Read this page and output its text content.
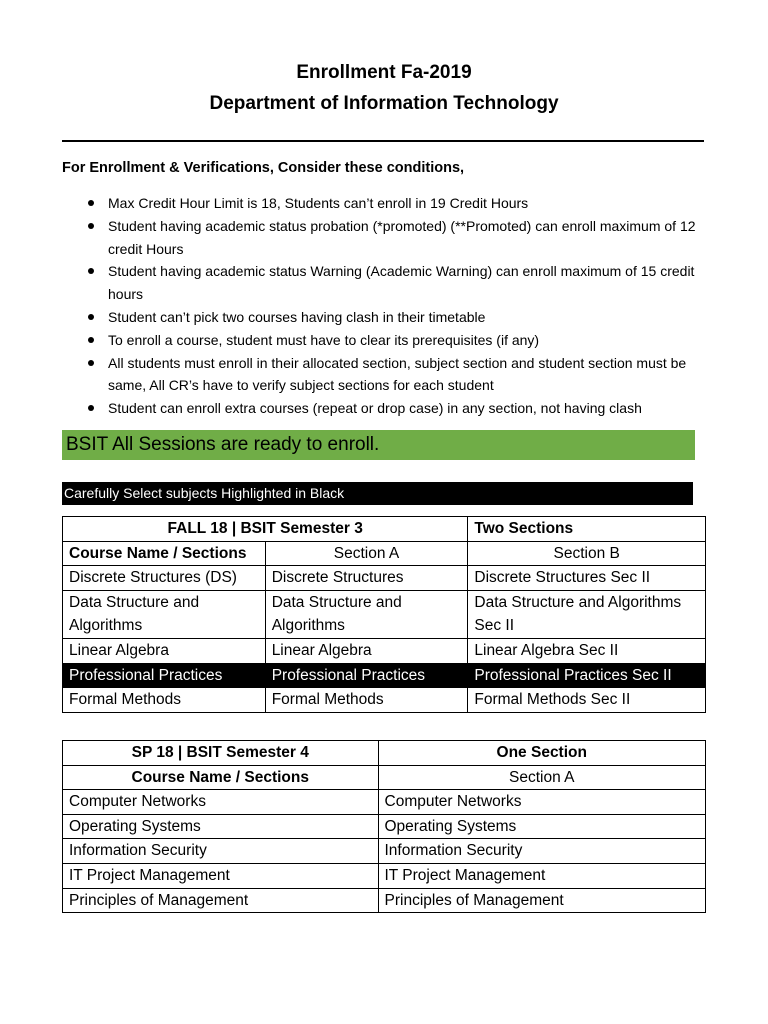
Enrollment Fa-2019
Department of Information Technology
For Enrollment & Verifications, Consider these conditions,
Max Credit Hour Limit is 18, Students can’t enroll in 19 Credit Hours
Student having academic status probation (*promoted) (**Promoted) can enroll maximum of 12 credit Hours
Student having academic status Warning (Academic Warning) can enroll maximum of 15 credit hours
Student can’t pick two courses having clash in their timetable
To enroll a course, student must have to clear its prerequisites (if any)
All students must enroll in their allocated section, subject section and student section must be same, All CR’s have to verify subject sections for each student
Student can enroll extra courses (repeat or drop case) in any section, not having clash
BSIT All Sessions are ready to enroll.
Carefully Select subjects Highlighted in Black
FALL 18 | BSIT Semester 3		Two Sections
Course Name / Sections	Section A	Section B
Discrete Structures (DS)	Discrete Structures	Discrete Structures Sec II
Data Structure and Algorithms	Data Structure and Algorithms	Data Structure and Algorithms Sec II
Linear Algebra	Linear Algebra	Linear Algebra Sec II
Professional Practices	Professional Practices	Professional Practices Sec II
Formal Methods	Formal Methods	Formal Methods Sec II
SP 18 | BSIT Semester 4	One Section
Course Name / Sections	Section A
Computer Networks	Computer Networks
Operating Systems	Operating Systems
Information Security	Information Security
IT Project Management	IT Project Management
Principles of Management	Principles of Management
